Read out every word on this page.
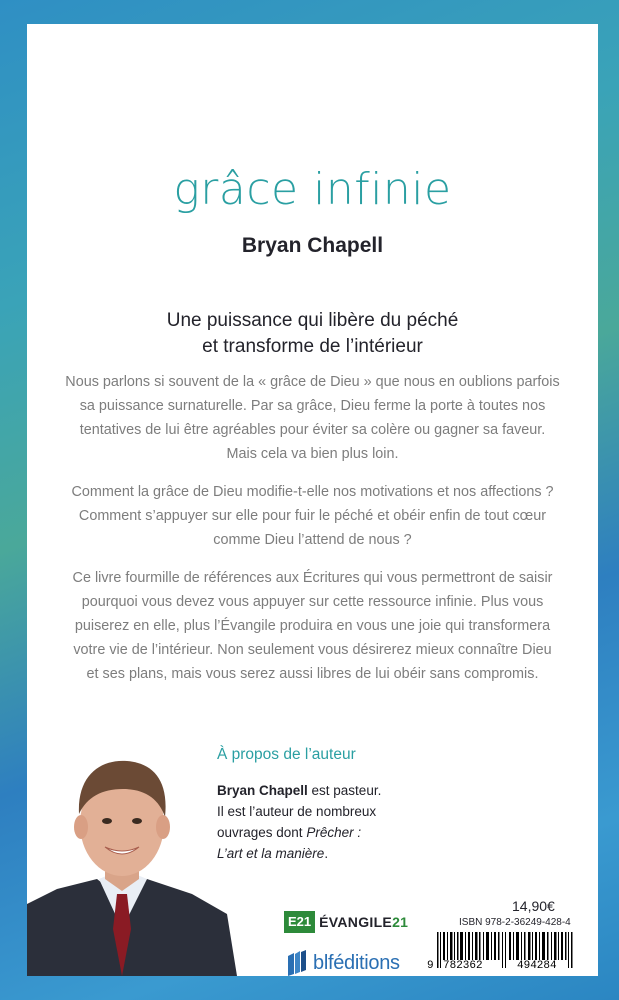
grâce infinie
Bryan Chapell
Une puissance qui libère du péché
et transforme de l’intérieur
Nous parlons si souvent de la « grâce de Dieu » que nous en oublions parfois
sa puissance surnaturelle. Par sa grâce, Dieu ferme la porte à toutes nos
tentatives de lui être agréables pour éviter sa colère ou gagner sa faveur.
Mais cela va bien plus loin.
Comment la grâce de Dieu modifie-t-elle nos motivations et nos affections ?
Comment s’appuyer sur elle pour fuir le péché et obéir enfin de tout cœur
comme Dieu l’attend de nous ?
Ce livre fourmille de références aux Écritures qui vous permettront de saisir
pourquoi vous devez vous appuyer sur cette ressource infinie. Plus vous
puiserez en elle, plus l’Évangile produira en vous une joie qui transformera
votre vie de l’intérieur. Non seulement vous désirerez mieux connaître Dieu
et ses plans, mais vous serez aussi libres de lui obéir sans compromis.
À propos de l’auteur
Bryan Chapell est pasteur.
Il est l’auteur de nombreux
ouvrages dont Prêcher :
L’art et la manière.
E21 ÉVANGILE21
blféditions
14,90€
ISBN 978-2-36249-428-4
9 782362	494284
